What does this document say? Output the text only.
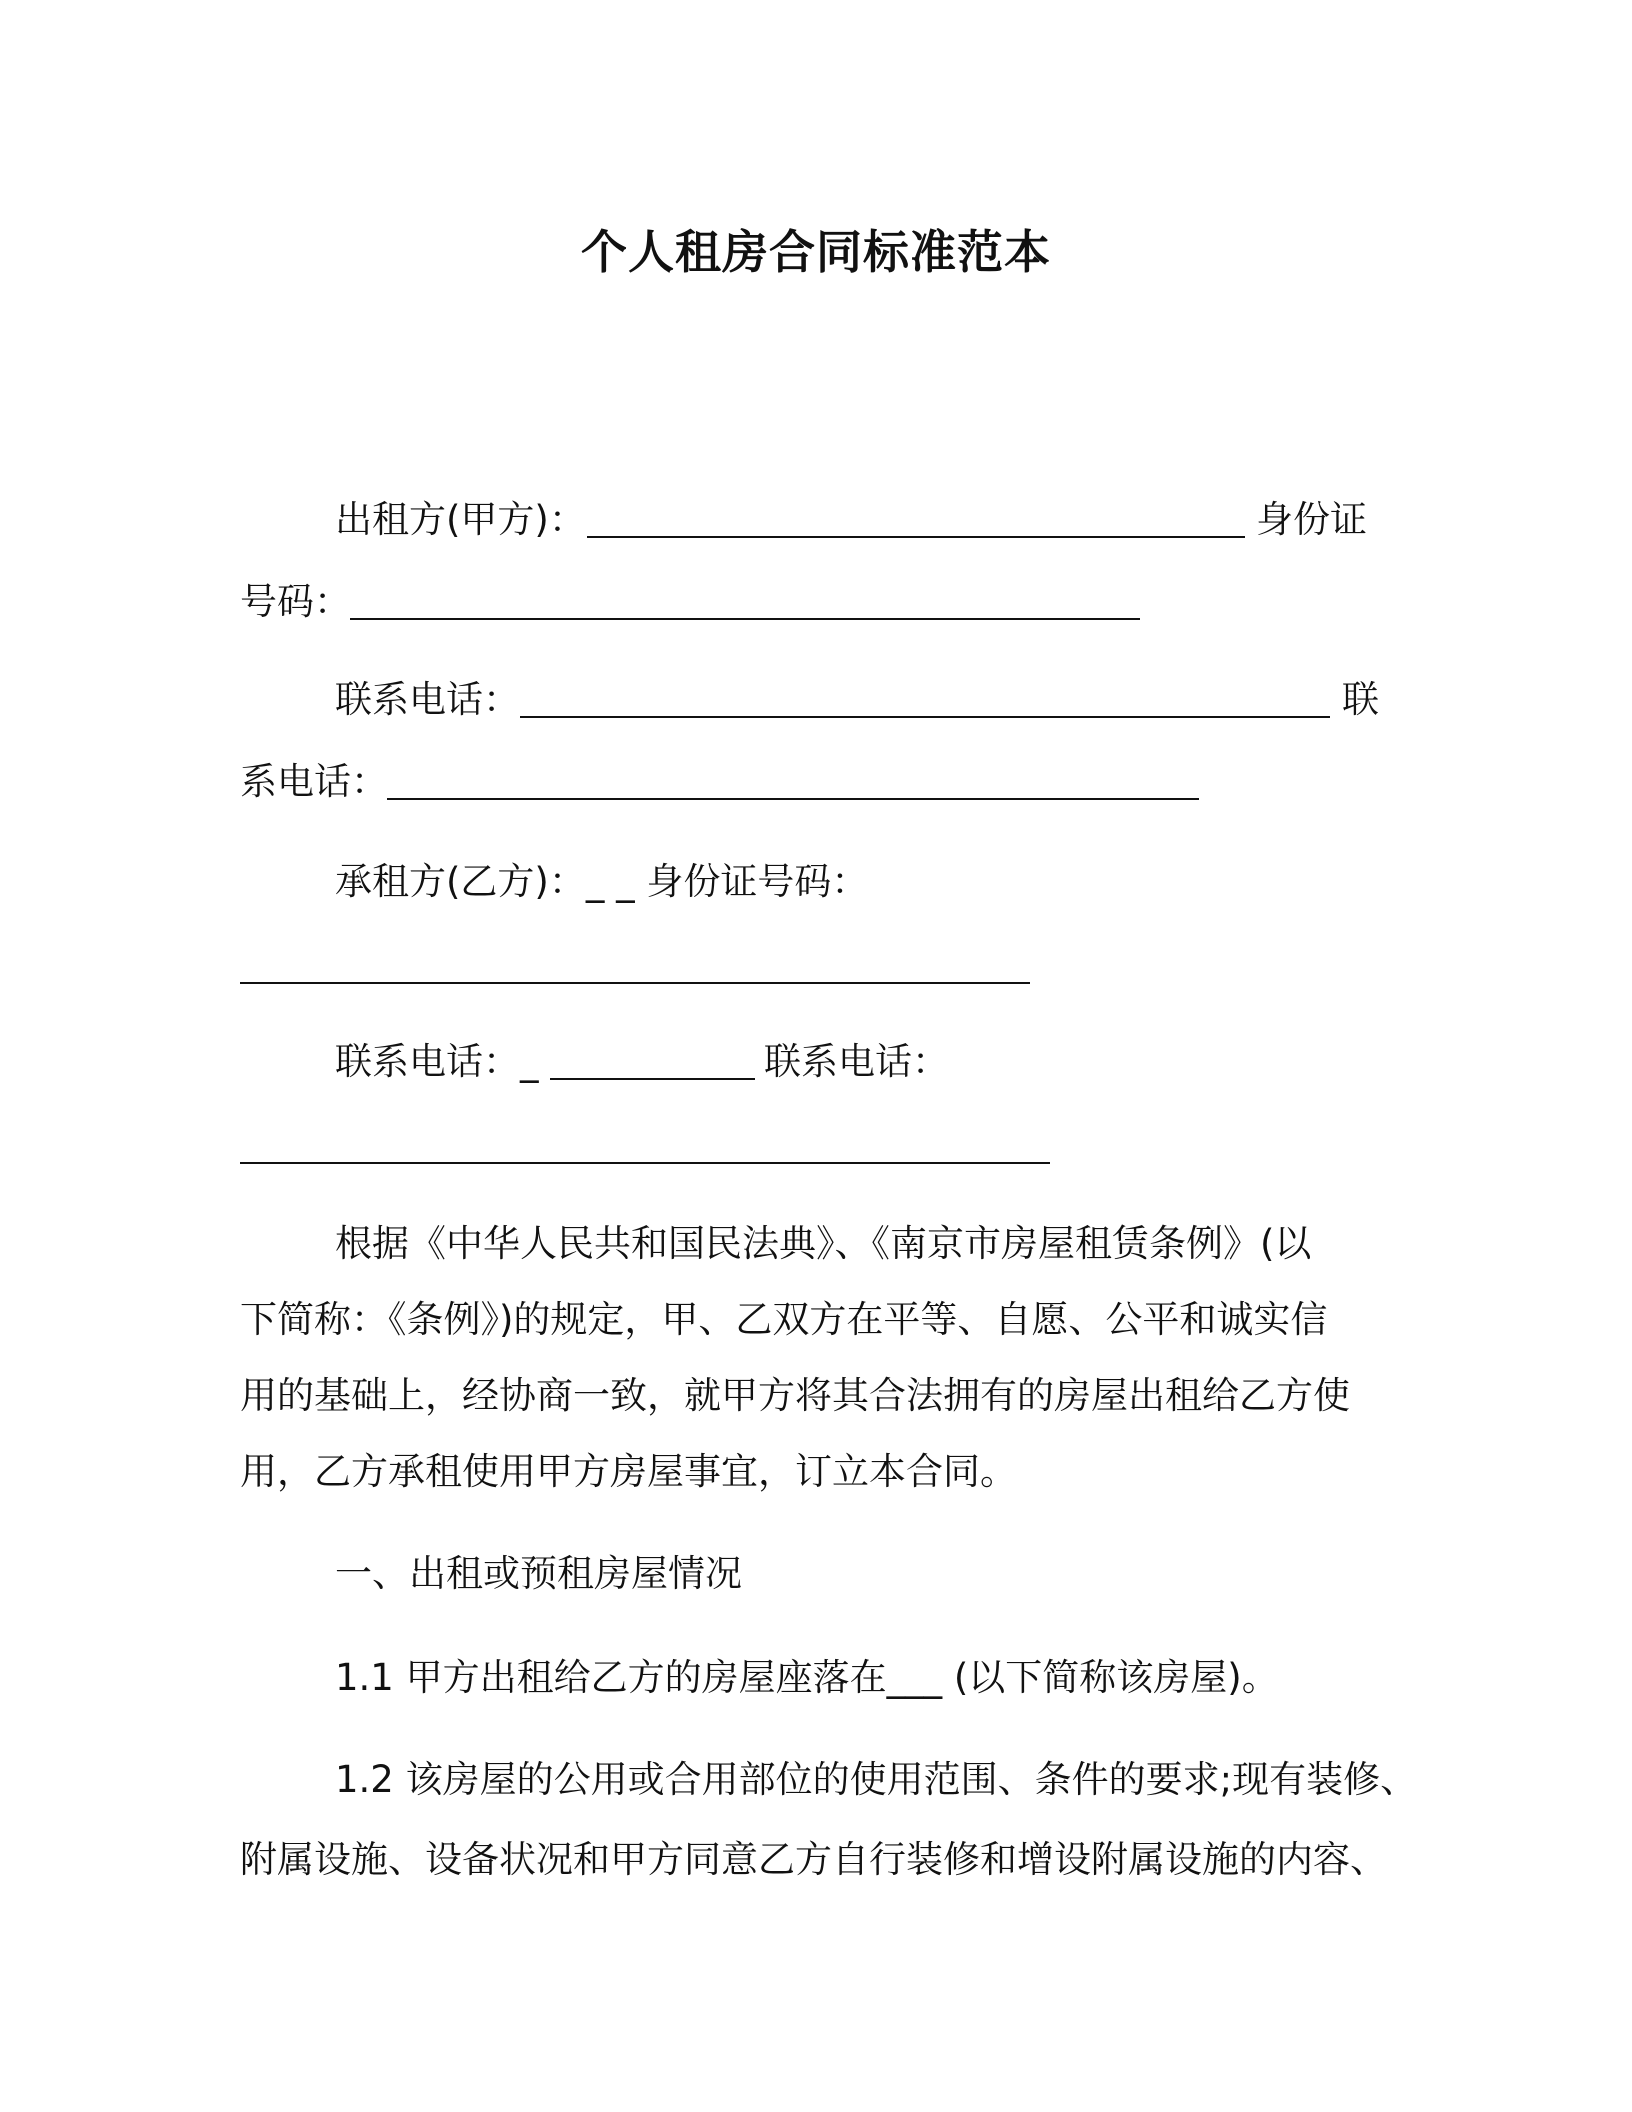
个人租房合同标准范本
出租方(甲方)：	身份证
号码：
联系电话：	联
系电话：
承租方(乙方)：_ _ 身份证号码：
联系电话：_	联系电话：
根据《中华人民共和国民法典》、《南京市房屋租赁条例》(以
下简称：《条例》)的规定，甲、乙双方在平等、自愿、公平和诚实信
用的基础上，经协商一致，就甲方将其合法拥有的房屋出租给乙方使
用，乙方承租使用甲方房屋事宜，订立本合同。
一、出租或预租房屋情况
1.1 甲方出租给乙方的房屋座落在___ (以下简称该房屋)。
1.2 该房屋的公用或合用部位的使用范围、条件的要求;现有装修、
附属设施、设备状况和甲方同意乙方自行装修和增设附属设施的内容、
